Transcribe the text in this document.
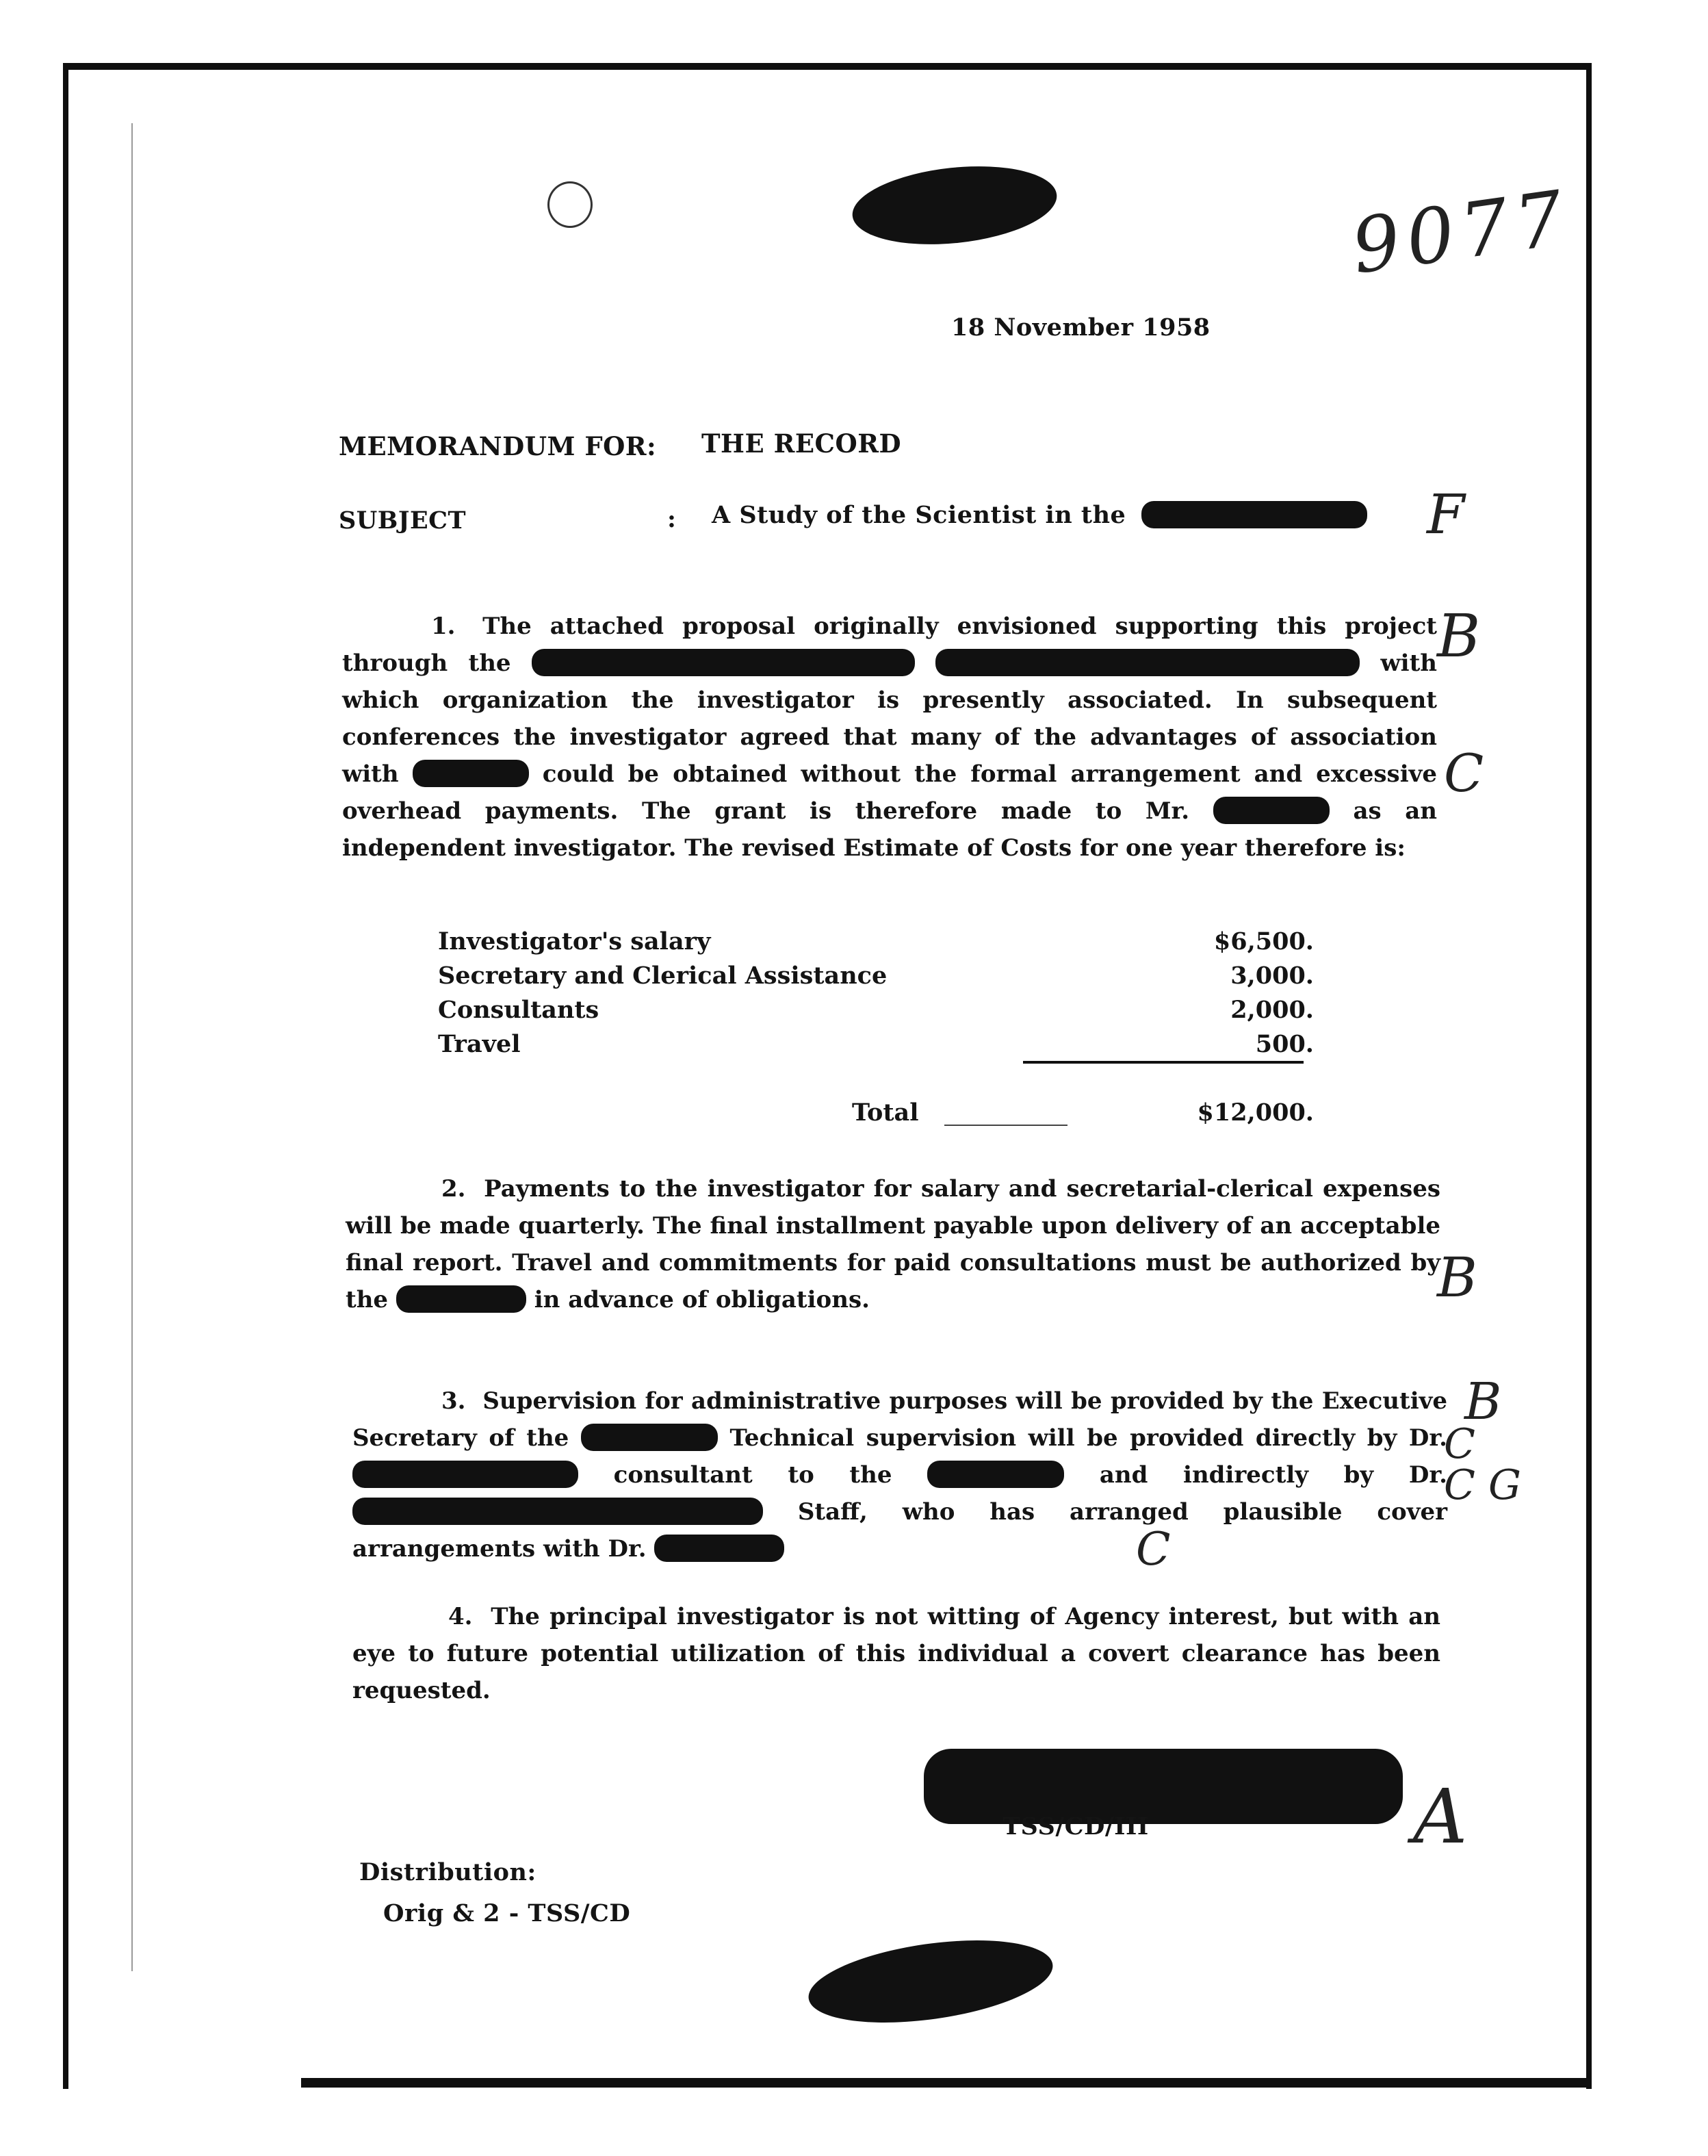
9077
18 November 1958
MEMORANDUM FOR: THE RECORD
SUBJECT	: A Study of the Scientist in the	F
1. The attached proposal originally envisioned supporting this project through the	with which organization the investigator is presently associated. In subsequent conferences the investigator agreed that many of the advantages of association with	could be obtained without the formal arrangement and excessive overhead payments. The grant is therefore made to Mr.	as an independent investigator. The revised Estimate of Costs for one year therefore is:
B
C
Investigator's salary	$6,500.
Secretary and Clerical Assistance	3,000.
Consultants	2,000.
Travel	500.
Total	$12,000.
2. Payments to the investigator for salary and secretarial-clerical expenses will be made quarterly. The final installment payable upon delivery of an acceptable final report. Travel and commitments for paid consultations must be authorized by the	in advance of obligations.	B
3. Supervision for administrative purposes will be provided by the Executive Secretary of the	Technical supervision will be provided directly by Dr.  consultant to the	and indirectly by Dr.  Staff, who has arranged plausible cover arrangements with Dr.
B
C
C G
C
4. The principal investigator is not witting of Agency interest, but with an eye to future potential utilization of this individual a covert clearance has been requested.
TSS/CD/III	A
Distribution:
Orig & 2 - TSS/CD
